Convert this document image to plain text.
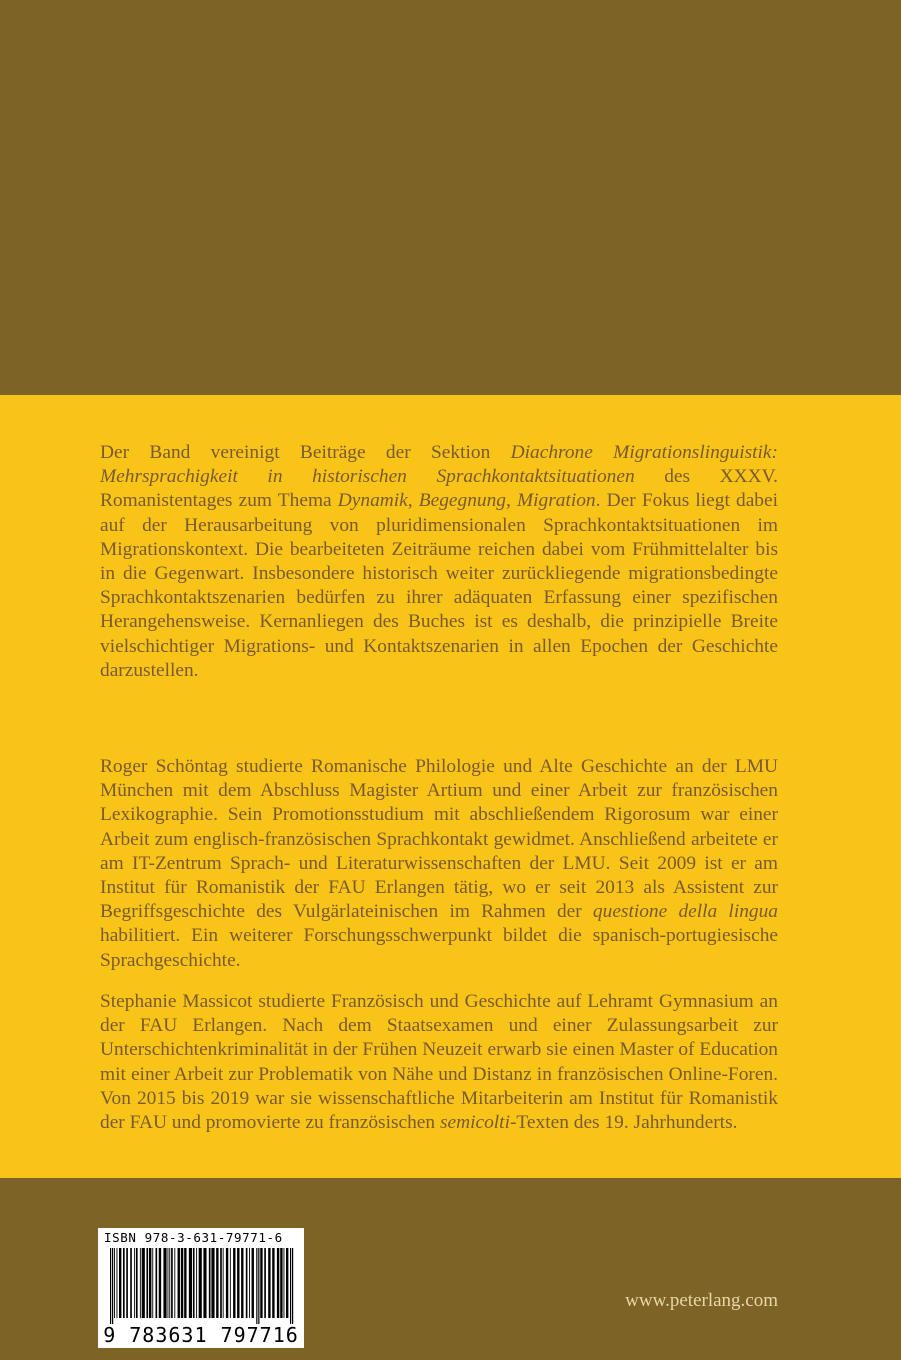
Der Band vereinigt Beiträge der Sektion Diachrone Migrationslinguistik: Mehrsprachigkeit in historischen Sprachkontaktsituationen des XXXV. Romanistentages zum Thema Dynamik, Begegnung, Migration. Der Fokus liegt dabei auf der Herausarbeitung von pluridimensionalen Sprachkontaktsituationen im Migrationskontext. Die bearbeiteten Zeiträume reichen dabei vom Frühmittelalter bis in die Gegenwart. Insbesondere historisch weiter zurückliegende migrationsbedingte Sprachkontaktszenarien bedürfen zu ihrer adäquaten Erfassung einer spezifischen Herangehensweise. Kernanliegen des Buches ist es deshalb, die prinzipielle Breite vielschichtiger Migrations- und Kontaktszenarien in allen Epochen der Geschichte darzustellen.

Roger Schöntag studierte Romanische Philologie und Alte Geschichte an der LMU München mit dem Abschluss Magister Artium und einer Arbeit zur französischen Lexikographie. Sein Promotionsstudium mit abschließendem Rigorosum war einer Arbeit zum englisch-französischen Sprachkontakt gewidmet. Anschließend arbeitete er am IT-Zentrum Sprach- und Literaturwissenschaften der LMU. Seit 2009 ist er am Institut für Romanistik der FAU Erlangen tätig, wo er seit 2013 als Assistent zur Begriffsgeschichte des Vulgärlateinischen im Rahmen der questione della lingua habilitiert. Ein weiterer Forschungsschwerpunkt bildet die spanisch-portugiesische Sprachgeschichte.

Stephanie Massicot studierte Französisch und Geschichte auf Lehramt Gymnasium an der FAU Erlangen. Nach dem Staatsexamen und einer Zulassungsarbeit zur Unterschichtenkriminalität in der Frühen Neuzeit erwarb sie einen Master of Education mit einer Arbeit zur Problematik von Nähe und Distanz in französischen Online-Foren. Von 2015 bis 2019 war sie wissenschaftliche Mitarbeiterin am Institut für Romanistik der FAU und promovierte zu französischen semicolti-Texten des 19. Jahrhunderts.

ISBN 978-3-631-79771-6
9 783631 797716
www.peterlang.com
